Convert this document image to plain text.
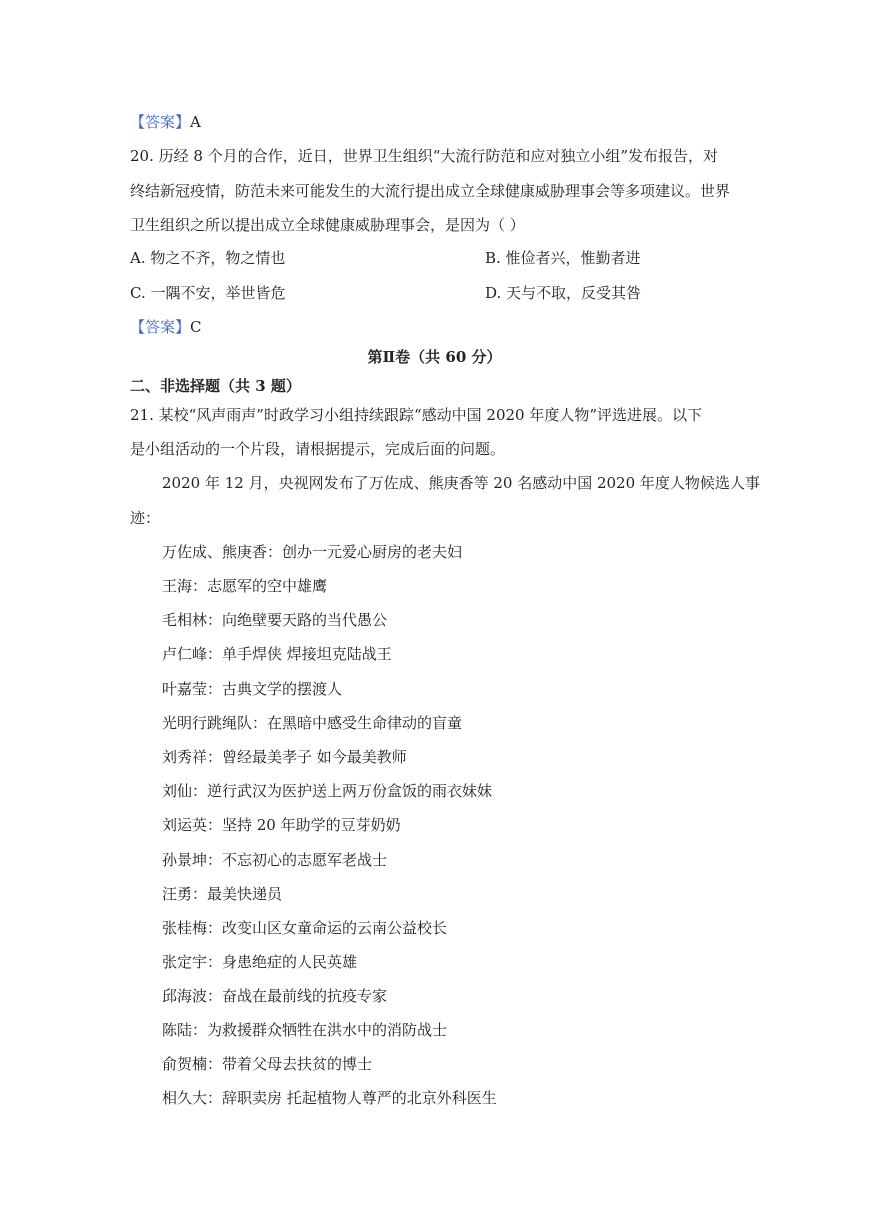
【答案】A
20. 历经 8 个月的合作，近日，世界卫生组织“大流行防范和应对独立小组”发布报告，对
终结新冠疫情，防范未来可能发生的大流行提出成立全球健康威胁理事会等多项建议。世界
卫生组织之所以提出成立全球健康威胁理事会，是因为（ ）
A. 物之不齐，物之情也	B. 惟俭者兴，惟勤者进
C. 一隅不安，举世皆危	D. 天与不取，反受其咎
【答案】C
第Ⅱ卷（共 60 分）
二、非选择题（共 3 题）
21. 某校“风声雨声”时政学习小组持续跟踪“感动中国 2020 年度人物”评选进展。以下
是小组活动的一个片段，请根据提示，完成后面的问题。
2020 年 12 月，央视网发布了万佐成、熊庚香等 20 名感动中国 2020 年度人物候选人事
迹：
万佐成、熊庚香：创办一元爱心厨房的老夫妇
王海：志愿军的空中雄鹰
毛相林：向绝壁要天路的当代愚公
卢仁峰：单手焊侠 焊接坦克陆战王
叶嘉莹：古典文学的摆渡人
光明行跳绳队：在黑暗中感受生命律动的盲童
刘秀祥：曾经最美孝子 如今最美教师
刘仙：逆行武汉为医护送上两万份盒饭的雨衣妹妹
刘运英：坚持 20 年助学的豆芽奶奶
孙景坤：不忘初心的志愿军老战士
汪勇：最美快递员
张桂梅：改变山区女童命运的云南公益校长
张定宇：身患绝症的人民英雄
邱海波：奋战在最前线的抗疫专家
陈陆：为救援群众牺牲在洪水中的消防战士
俞贺楠：带着父母去扶贫的博士
相久大：辞职卖房 托起植物人尊严的北京外科医生
